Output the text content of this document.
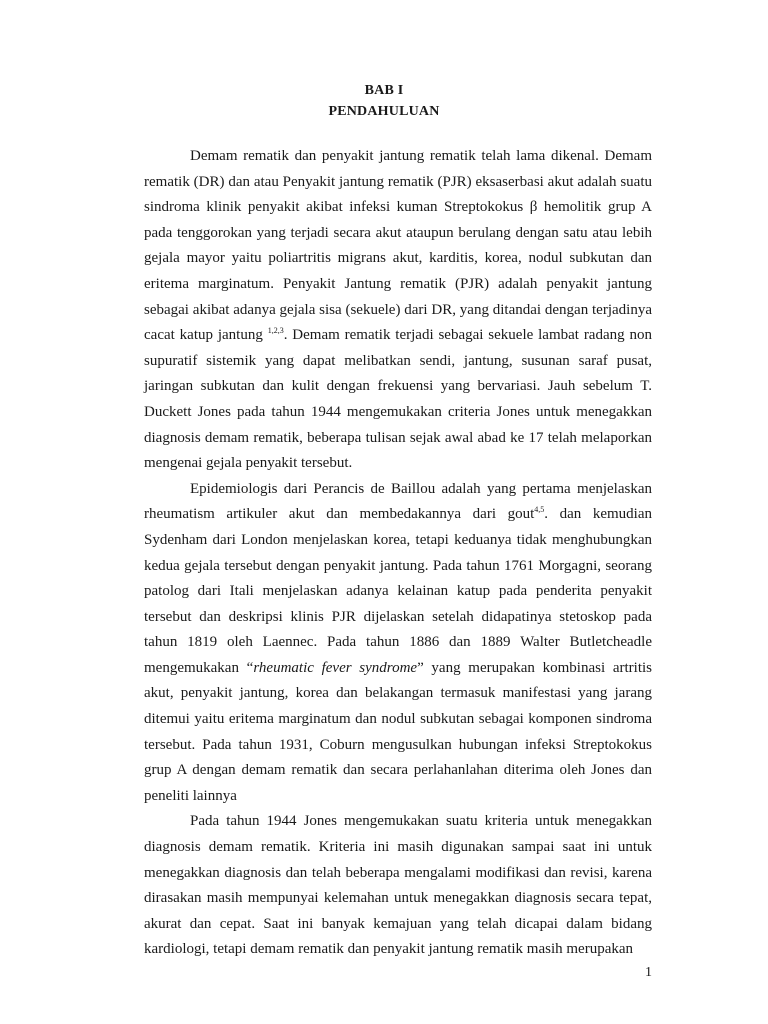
BAB I
PENDAHULUAN

Demam rematik dan penyakit jantung rematik telah lama dikenal. Demam rematik (DR) dan atau Penyakit jantung rematik (PJR) eksaserbasi akut adalah suatu sindroma klinik penyakit akibat infeksi kuman Streptokokus β hemolitik grup A pada tenggorokan yang terjadi secara akut ataupun berulang dengan satu atau lebih gejala mayor yaitu poliartritis migrans akut, karditis, korea, nodul subkutan dan eritema marginatum. Penyakit Jantung rematik (PJR) adalah penyakit jantung sebagai akibat adanya gejala sisa (sekuele) dari DR, yang ditandai dengan terjadinya cacat katup jantung $^{1,2,3}$. Demam rematik terjadi sebagai sekuele lambat radang non supuratif sistemik yang dapat melibatkan sendi, jantung, susunan saraf pusat, jaringan subkutan dan kulit dengan frekuensi yang bervariasi. Jauh sebelum T. Duckett Jones pada tahun 1944 mengemukakan criteria Jones untuk menegakkan diagnosis demam rematik, beberapa tulisan sejak awal abad ke 17 telah melaporkan mengenai gejala penyakit tersebut.

Epidemiologis dari Perancis de Baillou adalah yang pertama menjelaskan rheumatism artikuler akut dan membedakannya dari gout$^{4,5}$. dan kemudian Sydenham dari London menjelaskan korea, tetapi keduanya tidak menghubungkan kedua gejala tersebut dengan penyakit jantung. Pada tahun 1761 Morgagni, seorang patolog dari Itali menjelaskan adanya kelainan katup pada penderita penyakit tersebut dan deskripsi klinis PJR dijelaskan setelah didapatinya stetoskop pada tahun 1819 oleh Laennec. Pada tahun 1886 dan 1889 Walter Butletcheadle mengemukakan “rheumatic fever syndrome” yang merupakan kombinasi artritis akut, penyakit jantung, korea dan belakangan termasuk manifestasi yang jarang ditemui yaitu eritema marginatum dan nodul subkutan sebagai komponen sindroma tersebut. Pada tahun 1931, Coburn mengusulkan hubungan infeksi Streptokokus grup A dengan demam rematik dan secara perlahanlahan diterima oleh Jones dan peneliti lainnya

Pada tahun 1944 Jones mengemukakan suatu kriteria untuk menegakkan diagnosis demam rematik. Kriteria ini masih digunakan sampai saat ini untuk menegakkan diagnosis dan telah beberapa mengalami modifikasi dan revisi, karena dirasakan masih mempunyai kelemahan untuk menegakkan diagnosis secara tepat, akurat dan cepat. Saat ini banyak kemajuan yang telah dicapai dalam bidang kardiologi, tetapi demam rematik dan penyakit jantung rematik masih merupakan

1
